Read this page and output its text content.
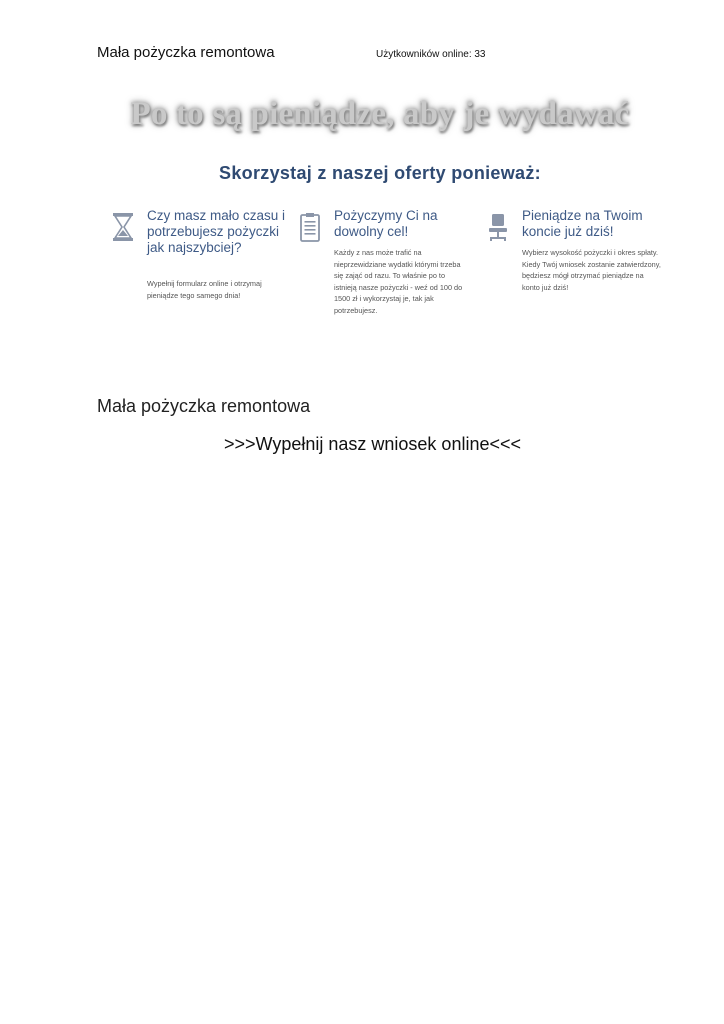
Mała pożyczka remontowa	Użytkowników online: 33
Po to są pieniądze, aby je wydawać
Skorzystaj z naszej oferty ponieważ:
Czy masz mało czasu i potrzebujesz pożyczki jak najszybciej?
Wypełnij formularz online i otrzymaj pieniądze tego samego dnia!
Pożyczymy Ci na dowolny cel!
Każdy z nas może trafić na nieprzewidziane wydatki którymi trzeba się zająć od razu. To właśnie po to istnieją nasze pożyczki - weź od 100 do 1500 zł i wykorzystaj je, tak jak potrzebujesz.
Pieniądze na Twoim koncie już dziś!
Wybierz wysokość pożyczki i okres spłaty. Kiedy Twój wniosek zostanie zatwierdzony, będziesz mógł otrzymać pieniądze na konto już dziś!
Mała pożyczka remontowa
>>>Wypełnij nasz wniosek online<<<
